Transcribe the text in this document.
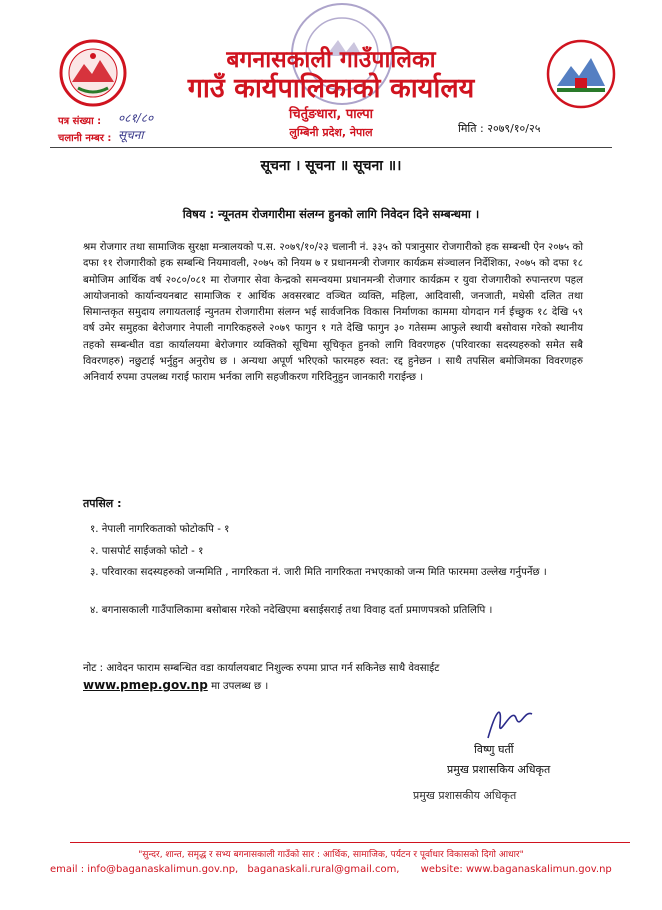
बगनासकाली गाउँपालिका
गाउँ कार्यपालिकाको कार्यालय
चिर्तुङधारा, पाल्पा
लुम्बिनी प्रदेश, नेपाल
पत्र संख्या : ०८१/८०
चलानी नम्बर : सूचना	मिति : २०७९/१०/२५
सूचना । सूचना ॥ सूचना ॥।
विषय : न्यूनतम रोजगारीमा संलग्न हुनको लागि निवेदन दिने सम्बन्धमा ।
श्रम रोजगार तथा सामाजिक सुरक्षा मन्त्रालयको प.स. २०७९/१०/२३ चलानी नं. ३३५ को पत्रानुसार रोजगारीको हक सम्बन्धी ऐन २०७५ को दफा ११ रोजगारीको हक सम्बन्धि नियमावली, २०७५ को नियम ७ र प्रधानमन्त्री रोजगार कार्यक्रम संञ्चालन निर्देशिका, २०७५ को दफा १८ बमोजिम आर्थिक वर्ष २०८०/०८१ मा रोजगार सेवा केन्द्रको समन्वयमा प्रधानमन्त्री रोजगार कार्यक्रम र युवा रोजगारीको रुपान्तरण पहल आयोजनाको कार्यान्वयनबाट सामाजिक र आर्थिक अवसरबाट वञ्चित व्यक्ति, महिला, आदिवासी, जनजाती, मधेसी दलित तथा सिमान्तकृत समुदाय लगायतलाई न्युनतम रोजगारीमा संलग्न भई सार्वजनिक विकास निर्माणका काममा योगदान गर्न ईच्छुक १८ देखि ५९ वर्ष उमेर समुहका बेरोजगार नेपाली नागरिकहरुले २०७९ फागुन १ गते देखि फागुन ३० गतेसम्म आफुले स्थायी बसोवास गरेको स्थानीय तहको सम्बन्धीत वडा कार्यालयमा बेरोजगार व्यक्तिको सूचिमा सूचिकृत हुनको लागि विवरणहरु (परिवारका सदस्यहरुको समेत सबै विवरणहरु) नछुटाई भर्नुहुन अनुरोध छ । अन्यथा अपूर्ण भरिएको फारमहरु स्वत: रद्द हुनेछन । साथै तपसिल बमोजिमका विवरणहरु अनिवार्य रुपमा उपलब्ध गराई फाराम भर्नका लागि सहजीकरण गरिदिनुहुन जानकारी गराईन्छ ।
तपसिल :
१. नेपाली नागरिकताको फोटोकपि - १
२. पासपोर्ट साईजको फोटो - १
३. परिवारका सदस्यहरुको जन्ममिति , नागरिकता नं. जारी मिति नागरिकता नभएकाको जन्म मिति फारममा उल्लेख गर्नुपर्नेछ ।
४. बगनासकाली गाउँपालिकामा बसोबास गरेको नदेखिएमा बसाईसराई तथा विवाह दर्ता प्रमाणपत्रको प्रतिलिपि ।
नोट : आवेदन फाराम सम्बन्धित वडा कार्यालयबाट निशुल्क रुपमा प्राप्त गर्न सकिनेछ साथै वेवसाईट
www.pmep.gov.np मा उपलब्ध छ ।
विष्णु घर्ती
प्रमुख प्रशासकिय अधिकृत
प्रमुख प्रशासकीय अधिकृत
"सुन्दर, शान्त, समृद्ध र सभ्य बगनासकाली गाउँको सार : आर्थिक, सामाजिक, पर्यटन र पूर्वाधार विकासको दिगो आधार"
email : info@baganaskalimun.gov.np, baganaskali.rural@gmail.com, website: www.baganaskalimun.gov.np
